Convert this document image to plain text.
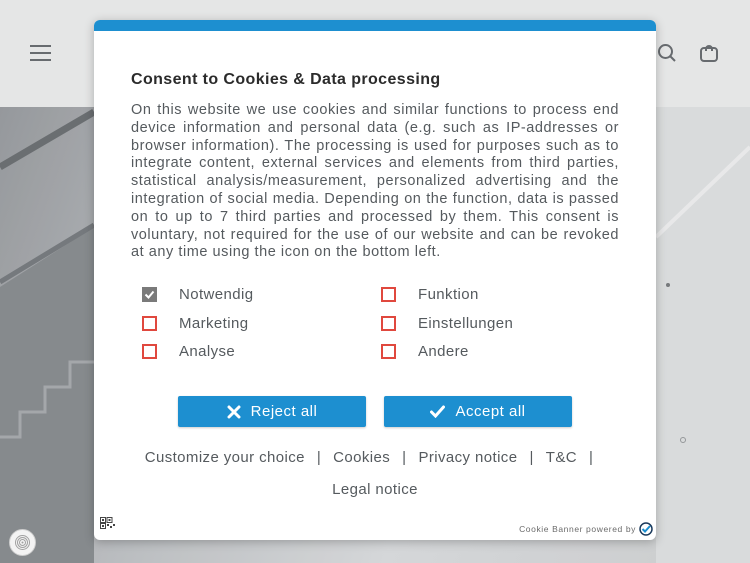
Consent to Cookies & Data processing
On this website we use cookies and similar functions to process end device information and personal data (e.g. such as IP-addresses or browser information). The processing is used for purposes such as to integrate content, external services and elements from third parties, statistical analysis/measurement, personalized advertising and the integration of social media. Depending on the function, data is passed on to up to 7 third parties and processed by them. This consent is voluntary, not required for the use of our website and can be revoked at any time using the icon on the bottom left.
Notwendig	Funktion
Marketing	Einstellungen
Analyse	Andere
Reject all	Accept all
Customize your choice | Cookies | Privacy notice | T&C |
Legal notice
Cookie Banner powered by
